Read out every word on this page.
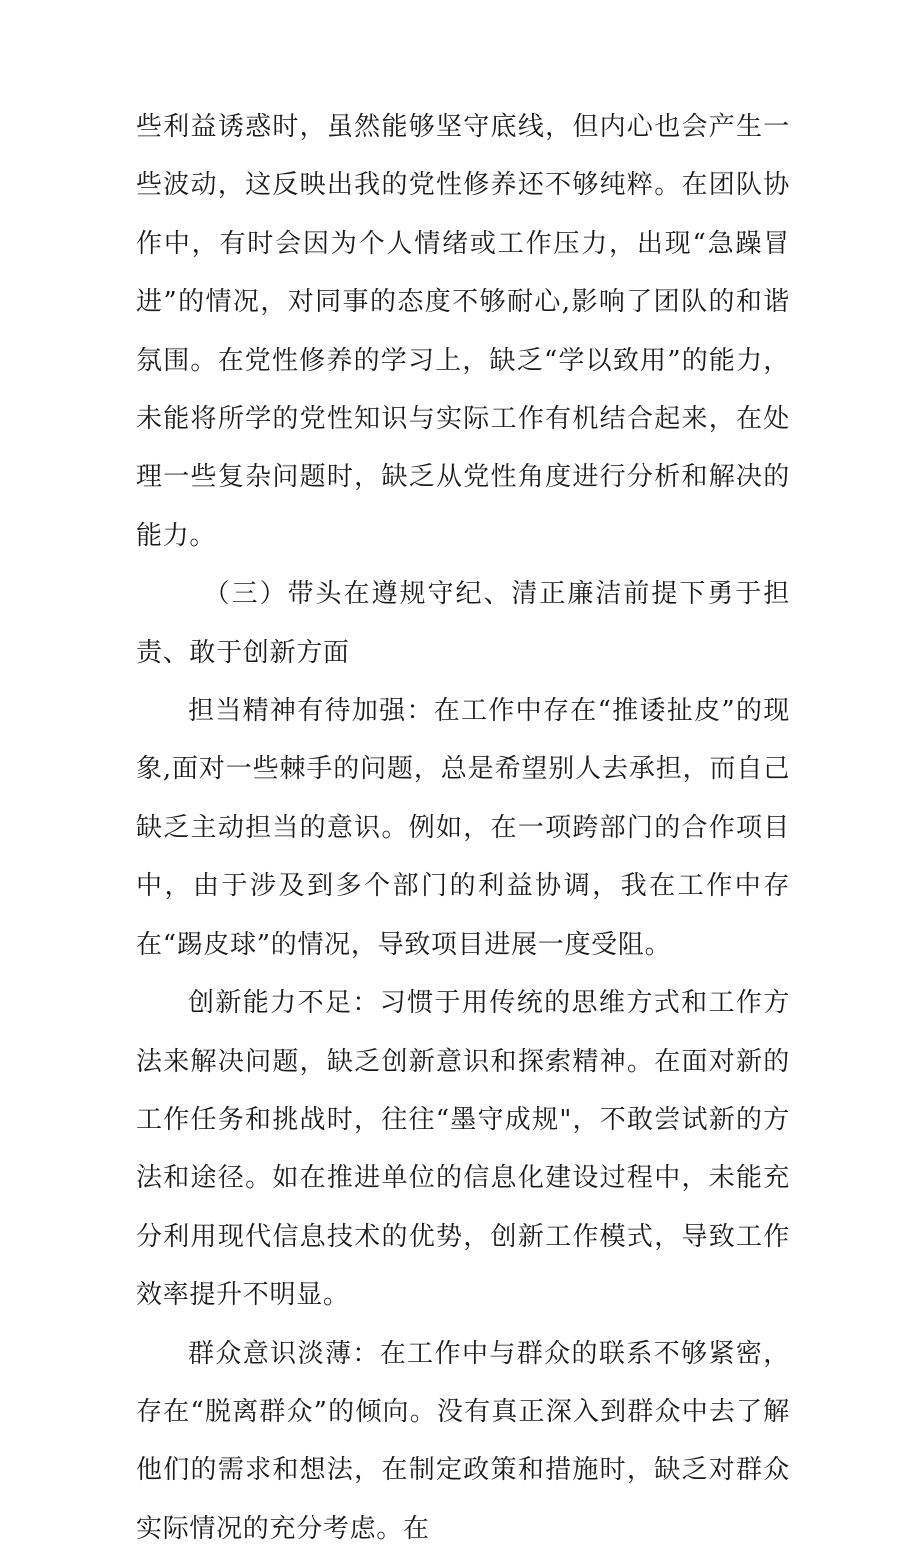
些利益诱惑时，虽然能够坚守底线，但内心也会产生一些波动，这反映出我的党性修养还不够纯粹。在团队协作中，有时会因为个人情绪或工作压力，出现“急躁冒进”的情况，对同事的态度不够耐心,影响了团队的和谐氛围。在党性修养的学习上，缺乏“学以致用”的能力，未能将所学的党性知识与实际工作有机结合起来，在处理一些复杂问题时，缺乏从党性角度进行分析和解决的能力。

（三）带头在遵规守纪、清正廉洁前提下勇于担责、敢于创新方面

担当精神有待加强：在工作中存在“推诿扯皮”的现象,面对一些棘手的问题，总是希望别人去承担，而自己缺乏主动担当的意识。例如，在一项跨部门的合作项目中，由于涉及到多个部门的利益协调，我在工作中存在“踢皮球”的情况，导致项目进展一度受阻。

创新能力不足：习惯于用传统的思维方式和工作方法来解决问题，缺乏创新意识和探索精神。在面对新的工作任务和挑战时，往往“墨守成规"，不敢尝试新的方法和途径。如在推进单位的信息化建设过程中，未能充分利用现代信息技术的优势，创新工作模式，导致工作效率提升不明显。

群众意识淡薄：在工作中与群众的联系不够紧密，存在“脱离群众”的倾向。没有真正深入到群众中去了解他们的需求和想法，在制定政策和措施时，缺乏对群众实际情况的充分考虑。在
